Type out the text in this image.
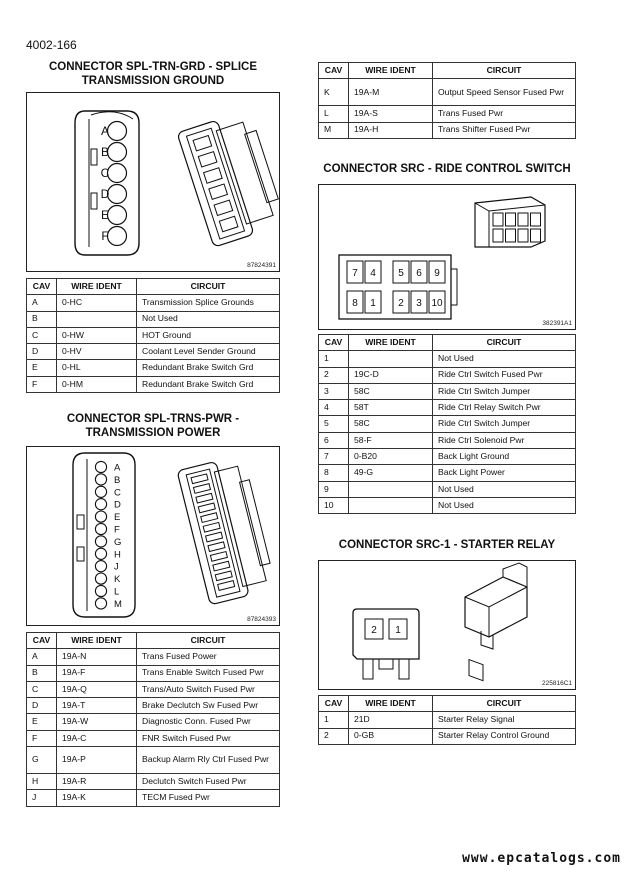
4002-166
CONNECTOR SPL-TRN-GRD - SPLICE TRANSMISSION GROUND
A
B
C
D
E
F
87824391
CAV	WIRE IDENT	CIRCUIT
A	0-HC	Transmission Splice Grounds
B		Not Used
C	0-HW	HOT Ground
D	0-HV	Coolant Level Sender Ground
E	0-HL	Redundant Brake Switch Grd
F	0-HM	Redundant Brake Switch Grd
CONNECTOR SPL-TRNS-PWR - TRANSMISSION POWER
A
B
C
D
E
F
G
H
J
K
L
M
87824393
CAV	WIRE IDENT	CIRCUIT
A	19A-N	Trans Fused Power
B	19A-F	Trans Enable Switch Fused Pwr
C	19A-Q	Trans/Auto Switch Fused Pwr
D	19A-T	Brake Declutch Sw Fused Pwr
E	19A-W	Diagnostic Conn. Fused Pwr
F	19A-C	FNR Switch Fused Pwr
G	19A-P	Backup Alarm Rly Ctrl Fused Pwr
H	19A-R	Declutch Switch Fused Pwr
J	19A-K	TECM Fused Pwr
CAV	WIRE IDENT	CIRCUIT
K	19A-M	Output Speed Sensor Fused Pwr
L	19A-S	Trans Fused Pwr
M	19A-H	Trans Shifter Fused Pwr
CONNECTOR SRC - RIDE CONTROL SWITCH
7 4 5 6 9
8 1 2 3 10
382391A1
CAV	WIRE IDENT	CIRCUIT
1		Not Used
2	19C-D	Ride Ctrl Switch Fused Pwr
3	58C	Ride Ctrl Switch Jumper
4	58T	Ride Ctrl Relay Switch Pwr
5	58C	Ride Ctrl Switch Jumper
6	58-F	Ride Ctrl Solenoid Pwr
7	0-B20	Back Light Ground
8	49-G	Back Light Power
9		Not Used
10		Not Used
CONNECTOR SRC-1 - STARTER RELAY
2 1
225816C1
CAV	WIRE IDENT	CIRCUIT
1	21D	Starter Relay Signal
2	0-GB	Starter Relay Control Ground
www.epcatalogs.com
